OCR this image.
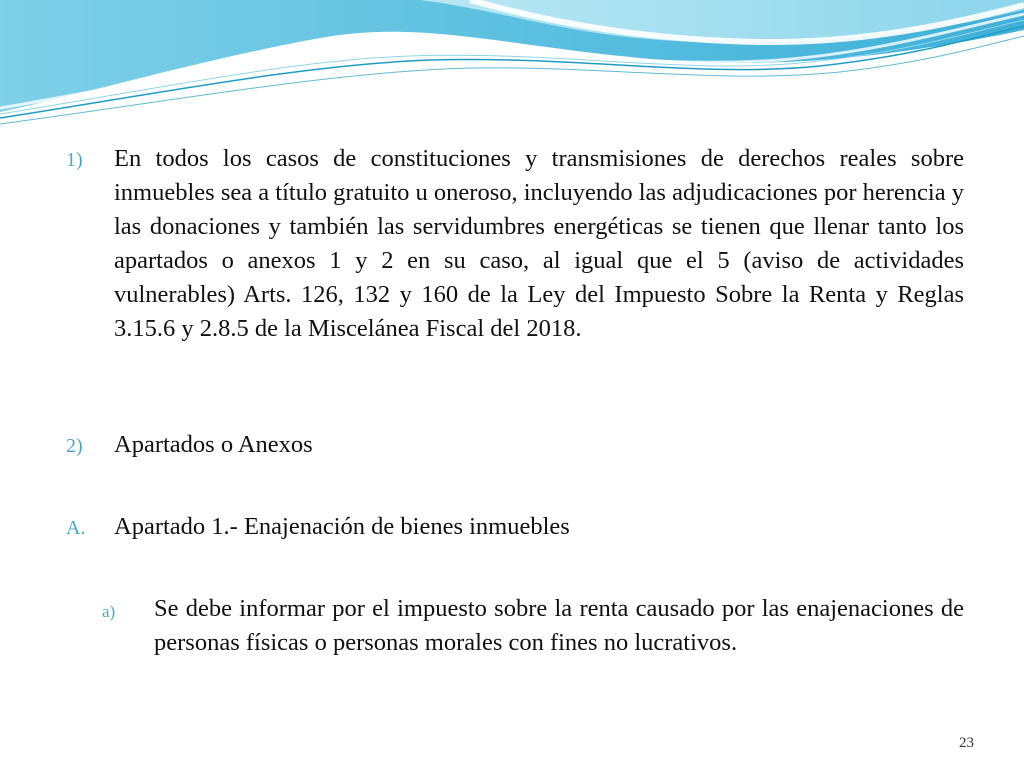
1) En todos los casos de constituciones y transmisiones de derechos reales sobre inmuebles sea a título gratuito u oneroso, incluyendo las adjudicaciones por herencia y las donaciones y también las servidumbres energéticas se tienen que llenar tanto los apartados o anexos 1 y 2 en su caso, al igual que el 5 (aviso de actividades vulnerables) Arts. 126, 132 y 160 de la Ley del Impuesto Sobre la Renta y Reglas 3.15.6 y 2.8.5 de la Miscelánea Fiscal del 2018.
2) Apartados o Anexos
A. Apartado 1.- Enajenación de bienes inmuebles
a) Se debe informar por el impuesto sobre la renta causado por las enajenaciones de personas físicas o personas morales con fines no lucrativos.
23
